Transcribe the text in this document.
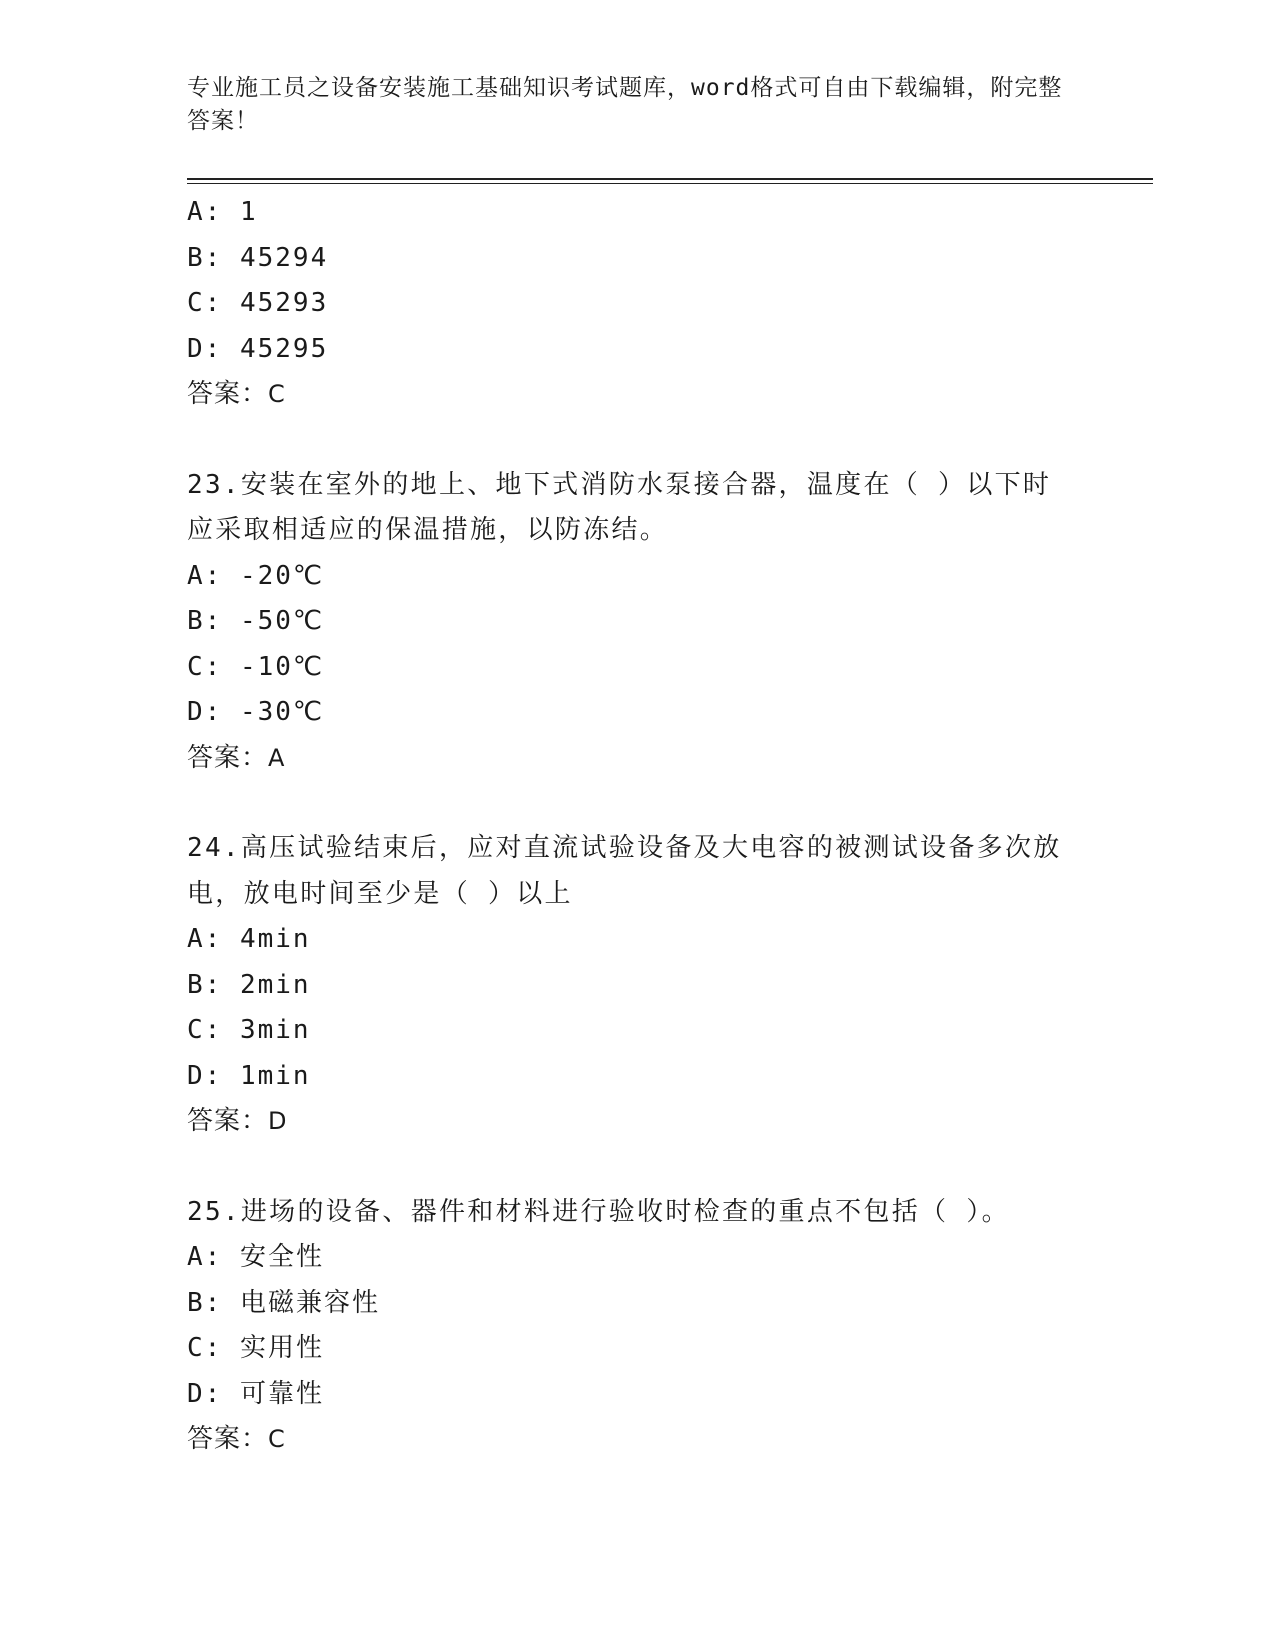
专业施工员之设备安装施工基础知识考试题库，word格式可自由下载编辑，附完整答案！
A: 1
B: 45294
C: 45293
D: 45295
答案：C
23.安装在室外的地上、地下式消防水泵接合器，温度在（ ）以下时应采取相适应的保温措施，以防冻结。
A: -20℃
B: -50℃
C: -10℃
D: -30℃
答案：A
24.高压试验结束后，应对直流试验设备及大电容的被测试设备多次放电，放电时间至少是（ ）以上
A: 4min
B: 2min
C: 3min
D: 1min
答案：D
25.进场的设备、器件和材料进行验收时检查的重点不包括（ ）。
A: 安全性
B: 电磁兼容性
C: 实用性
D: 可靠性
答案：C
